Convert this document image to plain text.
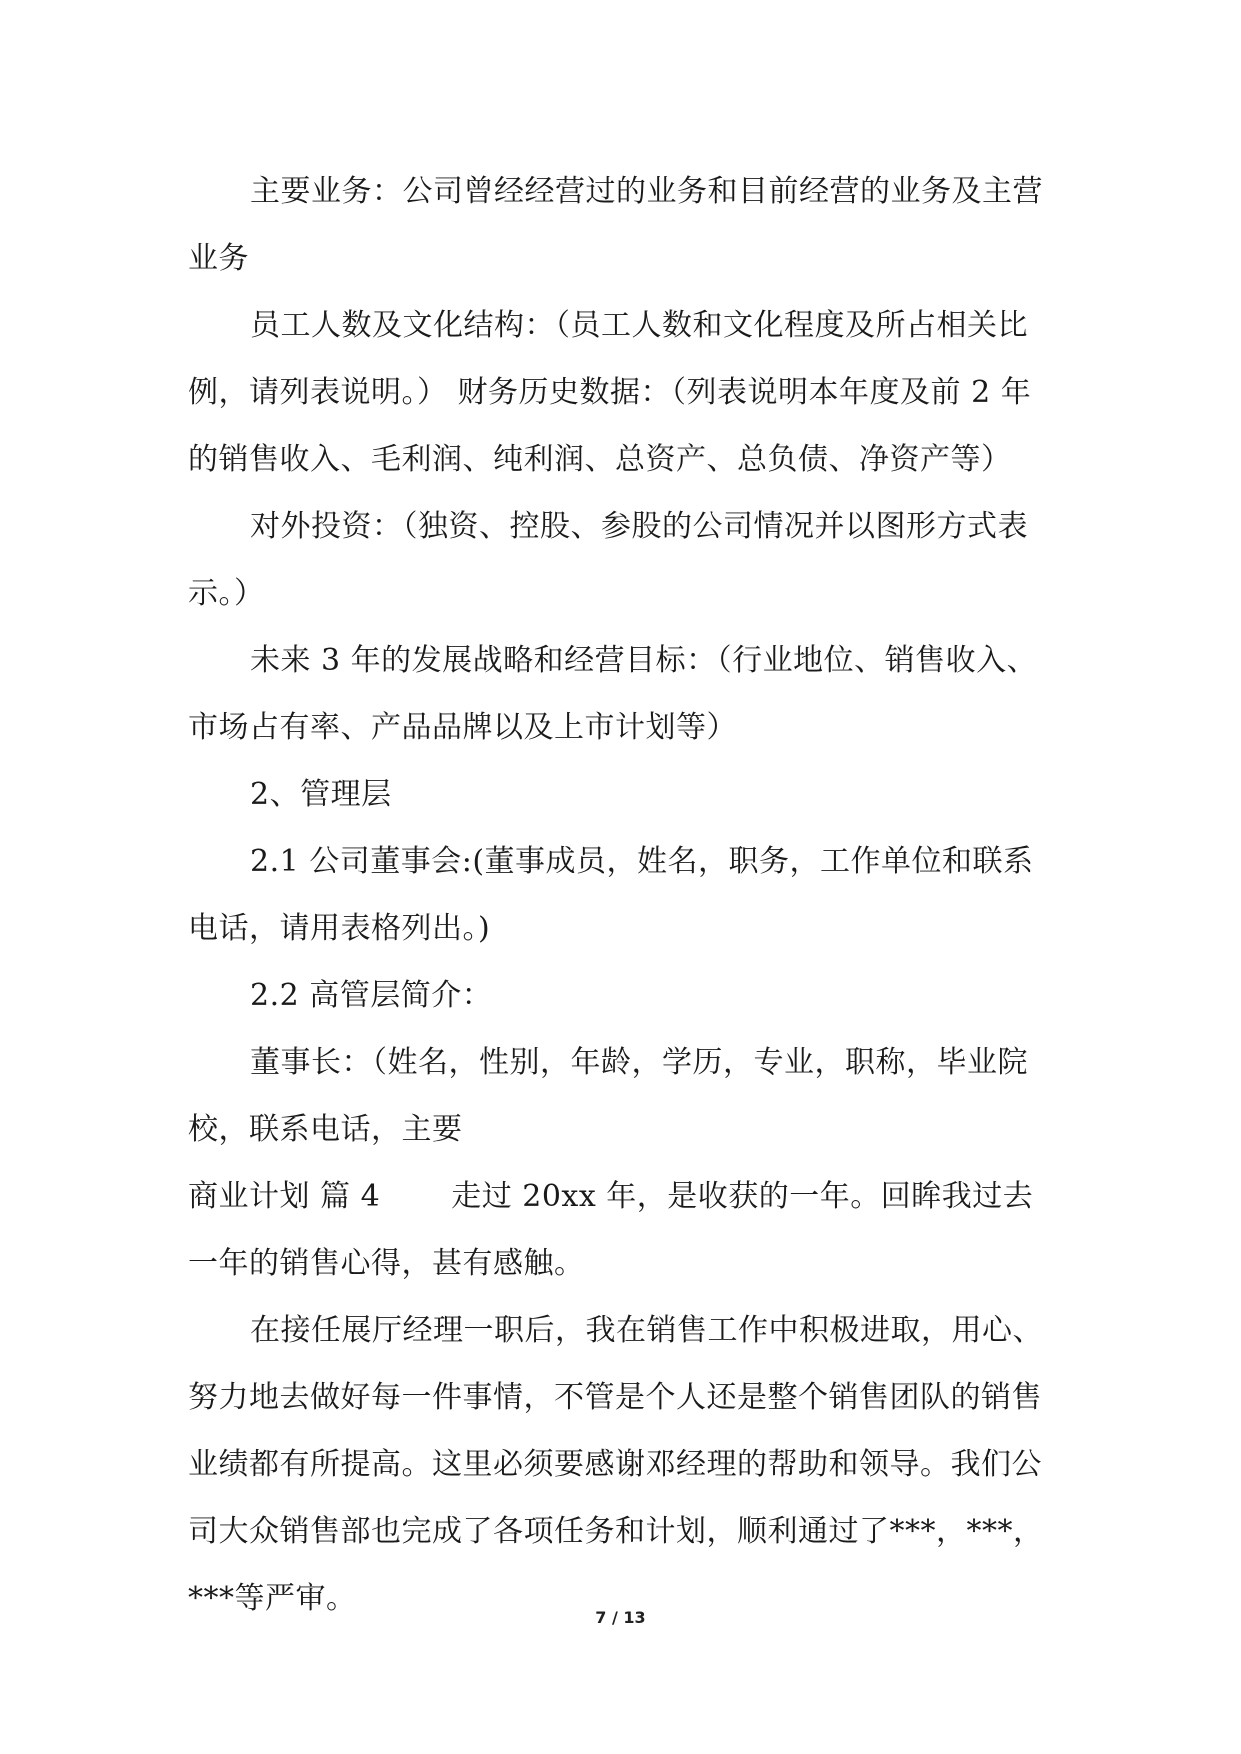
主要业务：公司曾经经营过的业务和目前经营的业务及主营业务

员工人数及文化结构：（员工人数和文化程度及所占相关比例，请列表说明。） 财务历史数据：（列表说明本年度及前 2 年的销售收入、毛利润、纯利润、总资产、总负债、净资产等）

对外投资：（独资、控股、参股的公司情况并以图形方式表示。）

未来 3 年的发展战略和经营目标：（行业地位、销售收入、市场占有率、产品品牌以及上市计划等）

2、管理层

2.1 公司董事会:(董事成员，姓名，职务，工作单位和联系电话，请用表格列出。)

2.2 高管层简介：

董事长：（姓名，性别，年龄，学历，专业，职称，毕业院校，联系电话，主要

商业计划 篇 4　　 走过 20xx 年，是收获的一年。回眸我过去一年的销售心得，甚有感触。

在接任展厅经理一职后，我在销售工作中积极进取，用心、努力地去做好每一件事情，不管是个人还是整个销售团队的销售业绩都有所提高。这里必须要感谢邓经理的帮助和领导。我们公司大众销售部也完成了各项任务和计划，顺利通过了***，***，***等严审。

7 / 13
